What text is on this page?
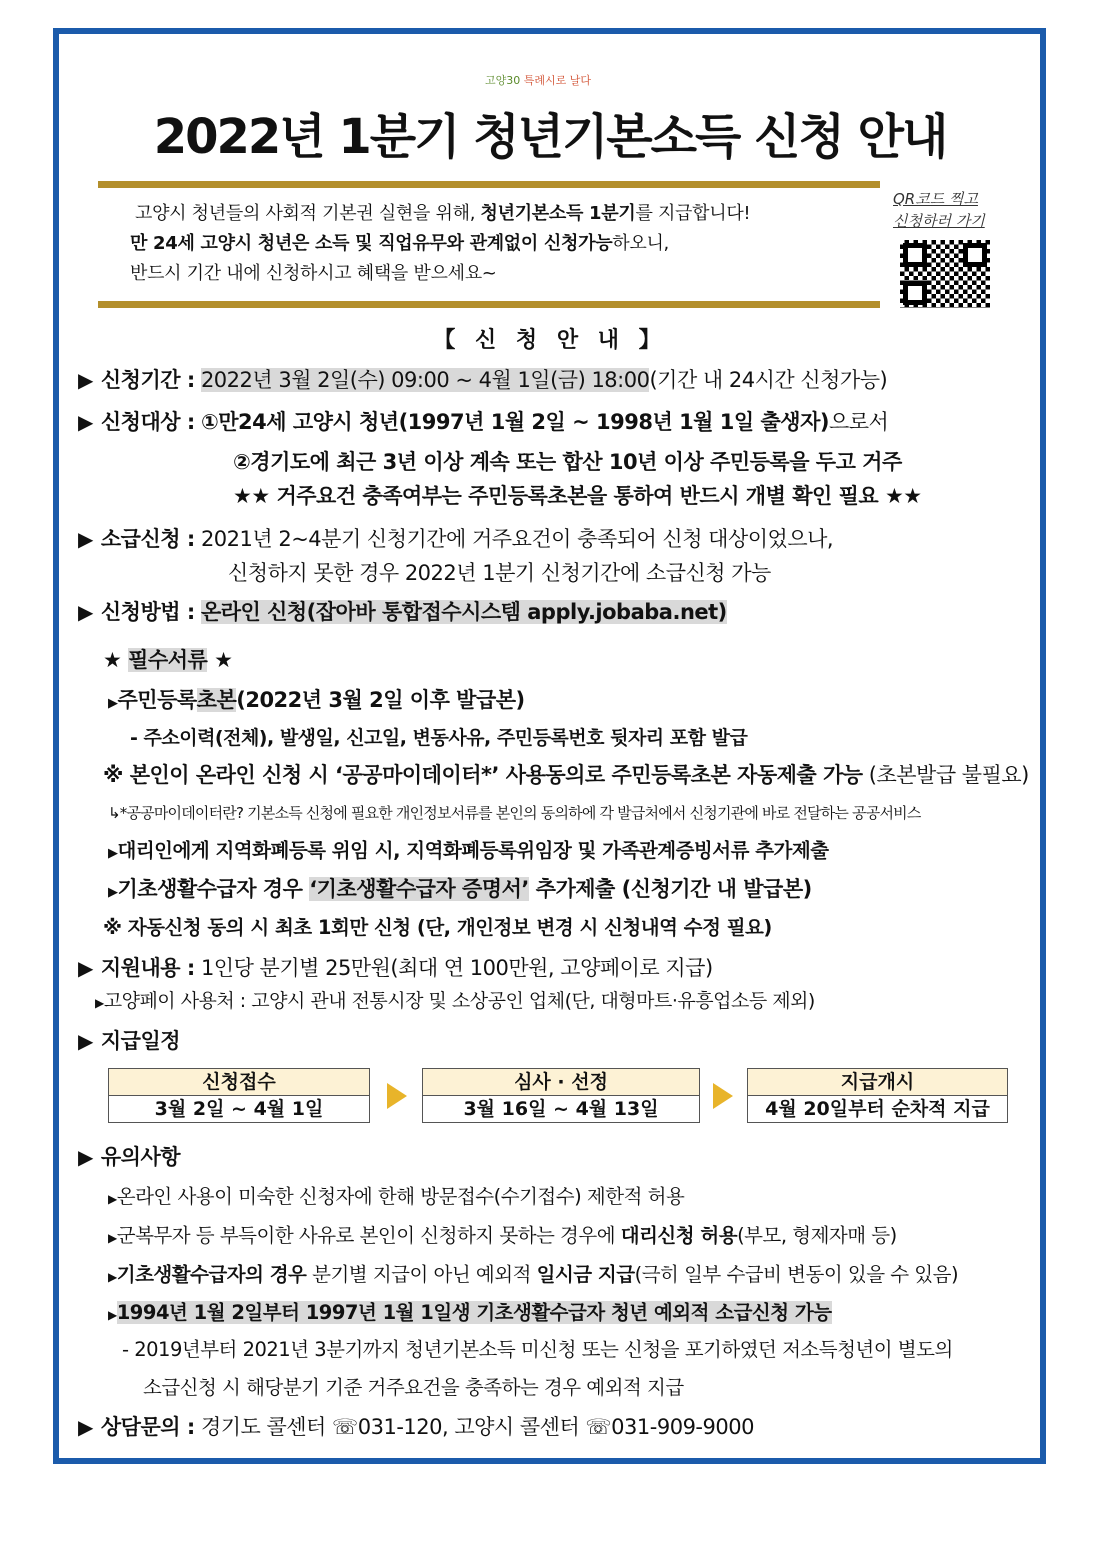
고양30 특례시로 날다
2022년 1분기 청년기본소득 신청 안내
고양시 청년들의 사회적 기본권 실현을 위해, 청년기본소득 1분기를 지급합니다!
만 24세 고양시 청년은 소득 및 직업유무와 관계없이 신청가능하오니,
반드시 기간 내에 신청하시고 혜택을 받으세요~
QR코드 찍고
신청하러 가기
【 신 청 안 내 】
▶ 신청기간 : 2022년 3월 2일(수) 09:00 ~ 4월 1일(금) 18:00(기간 내 24시간 신청가능)
▶ 신청대상 : ①만24세 고양시 청년(1997년 1월 2일 ~ 1998년 1월 1일 출생자)으로서
②경기도에 최근 3년 이상 계속 또는 합산 10년 이상 주민등록을 두고 거주
★★ 거주요건 충족여부는 주민등록초본을 통하여 반드시 개별 확인 필요 ★★
▶ 소급신청 : 2021년 2~4분기 신청기간에 거주요건이 충족되어 신청 대상이었으나,
신청하지 못한 경우 2022년 1분기 신청기간에 소급신청 가능
▶ 신청방법 : 온라인 신청(잡아바 통합접수시스템 apply.jobaba.net)
★ 필수서류 ★
▶주민등록초본(2022년 3월 2일 이후 발급본)
- 주소이력(전체), 발생일, 신고일, 변동사유, 주민등록번호 뒷자리 포함 발급
※ 본인이 온라인 신청 시 ‘공공마이데이터*’ 사용동의로 주민등록초본 자동제출 가능 (초본발급 불필요)
↳*공공마이데이터란? 기본소득 신청에 필요한 개인정보서류를 본인의 동의하에 각 발급처에서 신청기관에 바로 전달하는 공공서비스
▶대리인에게 지역화폐등록 위임 시, 지역화폐등록위임장 및 가족관계증빙서류 추가제출
▶기초생활수급자 경우 ‘기초생활수급자 증명서’ 추가제출 (신청기간 내 발급본)
※ 자동신청 동의 시 최초 1회만 신청 (단, 개인정보 변경 시 신청내역 수정 필요)
▶ 지원내용 : 1인당 분기별 25만원(최대 연 100만원, 고양페이로 지급)
▶고양페이 사용처 : 고양시 관내 전통시장 및 소상공인 업체(단, 대형마트·유흥업소등 제외)
▶ 지급일정
신청접수
3월 2일 ~ 4월 1일
심사 · 선정
3월 16일 ~ 4월 13일
지급개시
4월 20일부터 순차적 지급
▶ 유의사항
▶온라인 사용이 미숙한 신청자에 한해 방문접수(수기접수) 제한적 허용
▶군복무자 등 부득이한 사유로 본인이 신청하지 못하는 경우에 대리신청 허용(부모, 형제자매 등)
▶기초생활수급자의 경우 분기별 지급이 아닌 예외적 일시금 지급(극히 일부 수급비 변동이 있을 수 있음)
▶1994년 1월 2일부터 1997년 1월 1일생 기초생활수급자 청년 예외적 소급신청 가능
- 2019년부터 2021년 3분기까지 청년기본소득 미신청 또는 신청을 포기하였던 저소득청년이 별도의
소급신청 시 해당분기 기준 거주요건을 충족하는 경우 예외적 지급
▶ 상담문의 : 경기도 콜센터 ☏031-120, 고양시 콜센터 ☏031-909-9000
